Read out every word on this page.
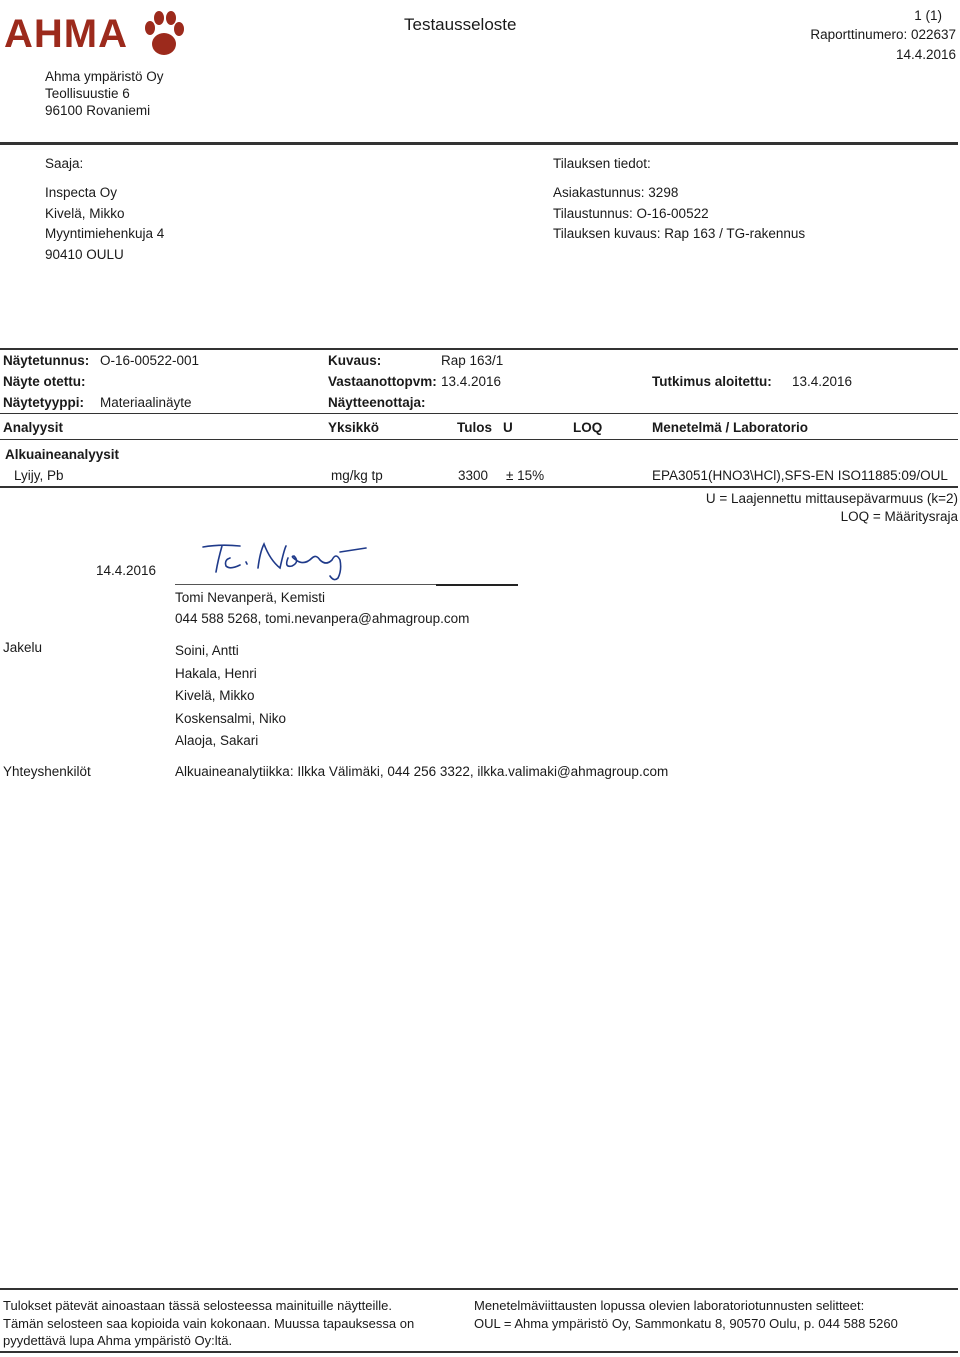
AHMA
Ahma ympäristö Oy
Teollisuustie 6
96100 Rovaniemi
Testausseloste	1 (1)
Raporttinumero: 022637
14.4.2016
Saaja:
Inspecta Oy
Kivelä, Mikko
Myyntimiehenkuja 4
90410 OULU
Tilauksen tiedot:
Asiakastunnus: 3298
Tilaustunnus: O-16-00522
Tilauksen kuvaus: Rap 163 / TG-rakennus
Näytetunnus: O-16-00522-001
Näyte otettu:
Näytetyyppi: Materiaalinäyte
Kuvaus:	Rap 163/1
Vastaanottopvm: 13.4.2016
Näytteenottaja:
Tutkimus aloitettu: 13.4.2016
Analyysit	Yksikkö	Tulos U	LOQ	Menetelmä / Laboratorio
Alkuaineanalyysit
Lyijy, Pb	mg/kg tp	3300 ± 15%	EPA3051(HNO3\HCl),SFS-EN ISO11885:09/OUL
U = Laajennettu mittausepävarmuus (k=2)
LOQ = Määritysraja
14.4.2016
Tomi Nevanperä, Kemisti
044 588 5268, tomi.nevanpera@ahmagroup.com
Jakelu	Soini, Antti
Hakala, Henri
Kivelä, Mikko
Koskensalmi, Niko
Alaoja, Sakari
Yhteyshenkilöt	Alkuaineanalytiikka: Ilkka Välimäki, 044 256 3322, ilkka.valimaki@ahmagroup.com
Tulokset pätevät ainoastaan tässä selosteessa mainituille näytteille.
Tämän selosteen saa kopioida vain kokonaan. Muussa tapauksessa on
pyydettävä lupa Ahma ympäristö Oy:ltä.
Menetelmäviittausten lopussa olevien laboratoriotunnusten selitteet:
OUL = Ahma ympäristö Oy, Sammonkatu 8, 90570 Oulu, p. 044 588 5260
